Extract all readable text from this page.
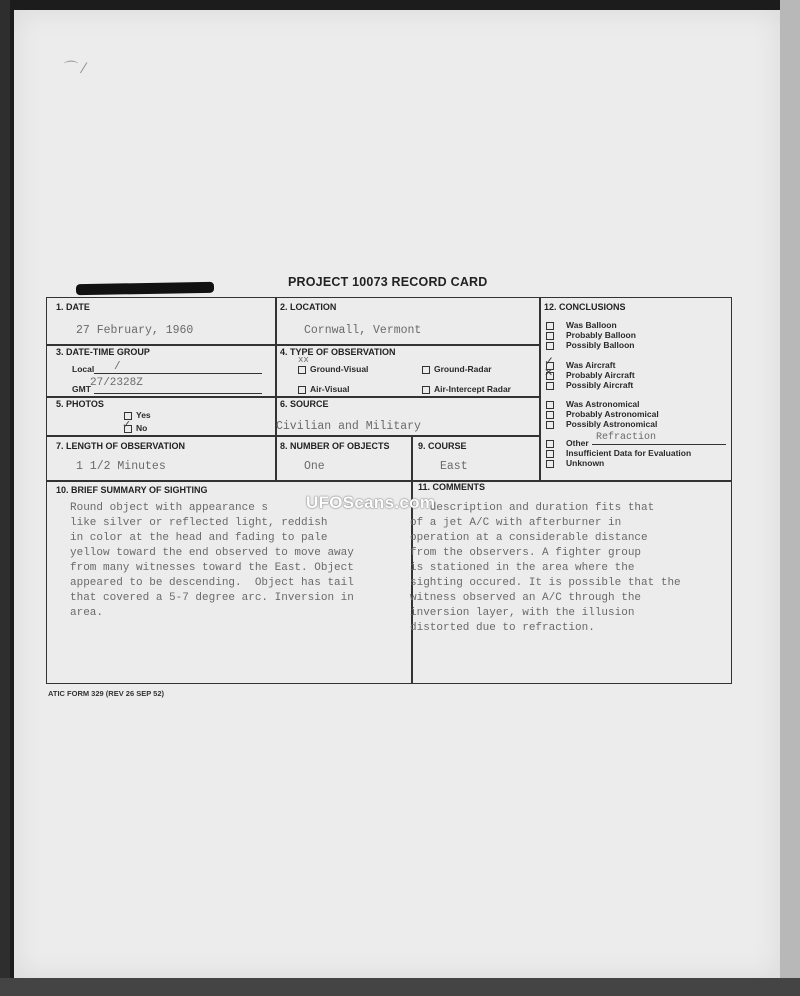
⌒ ⁄
PROJECT 10073 RECORD CARD
1. DATE
27 February, 1960
2. LOCATION
Cornwall, Vermont
3. DATE-TIME GROUP
Local /
GMT 27/2328Z
4. TYPE OF OBSERVATION
xx
Ground-Visual	Ground-Radar
Air-Visual	Air-Intercept Radar
5. PHOTOS
Yes
✓ No
6. SOURCE
Civilian and Military
7. LENGTH OF OBSERVATION
1 1/2 Minutes
8. NUMBER OF OBJECTS
One
9. COURSE
East
10. BRIEF SUMMARY OF SIGHTING
Round object with appearance s
like silver or reflected light, reddish
in color at the head and fading to pale
yellow toward the end observed to move away
from many witnesses toward the East. Object
appeared to be descending.  Object has tail
that covered a 5-7 degree arc. Inversion in
area.
11. COMMENTS
description and duration fits that
of a jet A/C with afterburner in
operation at a considerable distance
from the observers. A fighter group
is stationed in the area where the
sighting occured. It is possible that the
witness observed an A/C through the
inversion layer, with the illusion
distorted due to refraction.
12. CONCLUSIONS
Was Balloon
Probably Balloon
Possibly Balloon
✓ Was Aircraft
✕ Probably Aircraft
Possibly Aircraft
Was Astronomical
Probably Astronomical
Possibly Astronomical
Other Refraction
Insufficient Data for Evaluation
Unknown
UFOScans.com
ATIC FORM 329 (REV 26 SEP 52)
